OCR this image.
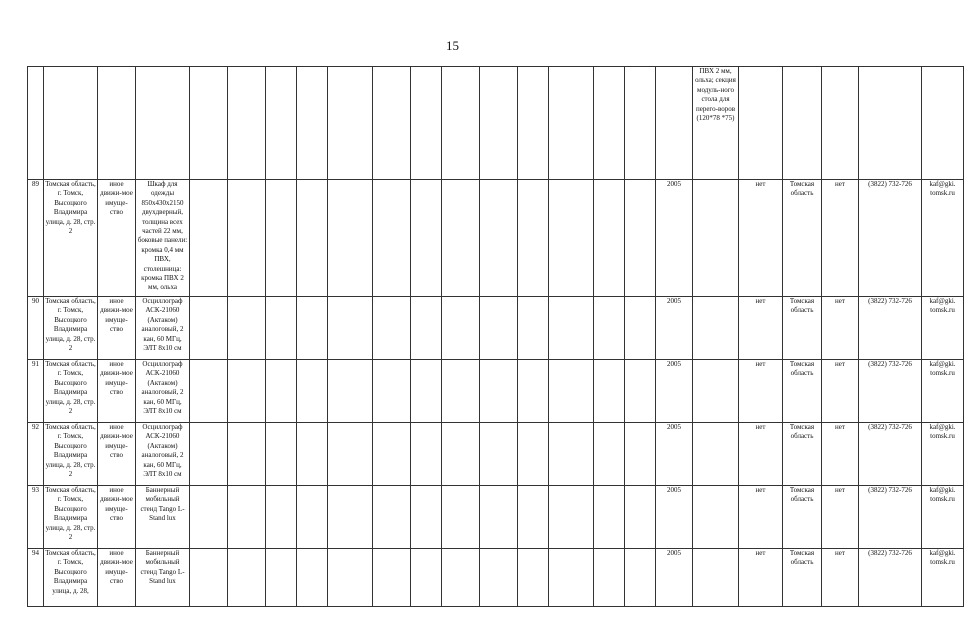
15
																		ПВХ 2 мм, ольха; секция модуль-ного стола для перего-воров (120*78 *75)					
89	Томская область, г. Томск, Высоцкого Владимира улица, д. 28, стр. 2	иное движи-мое имуще-ство	Шкаф для одежды 850х430х2150 двухдверный, толщина всех частей 22 мм, боковые панели: кромка 0,4 мм ПВХ, столешница: кромка ПВХ 2 мм, ольха														2005		нет	Томская область	нет	(3822) 732-726	kaf@gki. tomsk.ru
90	Томская область, г. Томск, Высоцкого Владимира улица, д. 28, стр. 2	иное движи-мое имуще-ство	Осциллограф АСК-21060 (Актаком) аналоговый, 2 кан, 60 МГц, ЭЛТ 8х10 см														2005		нет	Томская область	нет	(3822) 732-726	kaf@gki. tomsk.ru
91	Томская область, г. Томск, Высоцкого Владимира улица, д. 28, стр. 2	иное движи-мое имуще-ство	Осциллограф АСК-21060 (Актаком) аналоговый, 2 кан, 60 МГц, ЭЛТ 8х10 см														2005		нет	Томская область	нет	(3822) 732-726	kaf@gki. tomsk.ru
92	Томская область, г. Томск, Высоцкого Владимира улица, д. 28, стр. 2	иное движи-мое имуще-ство	Осциллограф АСК-21060 (Актаком) аналоговый, 2 кан, 60 МГц, ЭЛТ 8х10 см														2005		нет	Томская область	нет	(3822) 732-726	kaf@gki. tomsk.ru
93	Томская область, г. Томск, Высоцкого Владимира улица, д. 28, стр. 2	иное движи-мое имуще-ство	Баннерный мобильный стенд Tango L-Stand lux														2005		нет	Томская область	нет	(3822) 732-726	kaf@gki. tomsk.ru
94	Томская область, г. Томск, Высоцкого Владимира улица, д. 28,	иное движи-мое имуще-ство	Баннерный мобильный стенд Tango L-Stand lux														2005		нет	Томская область	нет	(3822) 732-726	kaf@gki. tomsk.ru
